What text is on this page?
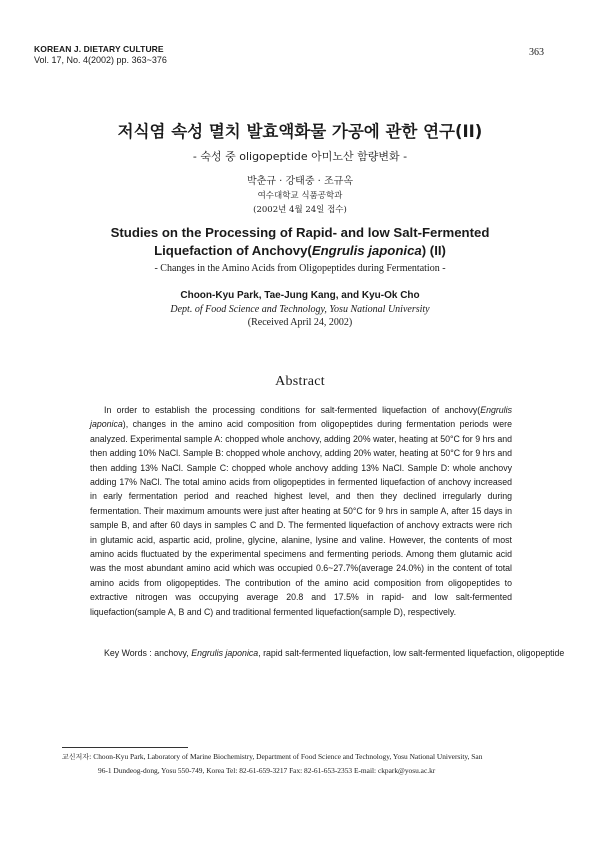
KOREAN J. DIETARY CULTURE
Vol. 17, No. 4(2002) pp. 363~376
363
저식염 속성 멸치 발효액화물 가공에 관한 연구(II)
- 숙성 중 oligopeptide 아미노산 함량변화 -
박춘규 · 강태중 · 조규옥
여수대학교 식품공학과
(2002년 4월 24일 접수)
Studies on the Processing of Rapid- and low Salt-Fermented
Liquefaction of Anchovy(Engrulis japonica) (II)
- Changes in the Amino Acids from Oligopeptides during Fermentation -
Choon-Kyu Park, Tae-Jung Kang, and Kyu-Ok Cho
Dept. of Food Science and Technology, Yosu National University
(Received April 24, 2002)
Abstract
In order to establish the processing conditions for salt-fermented liquefaction of anchovy(Engrulis japonica), changes in the amino acid composition from oligopeptides during fermentation periods were analyzed. Experimental sample A: chopped whole anchovy, adding 20% water, heating at 50°C for 9 hrs and then adding 10% NaCl. Sample B: chopped whole anchovy, adding 20% water, heating at 50°C for 9 hrs and then adding 13% NaCl. Sample C: chopped whole anchovy adding 13% NaCl. Sample D: whole anchovy adding 17% NaCl. The total amino acids from oligopeptides in fermented liquefaction of anchovy increased in early fermentation period and reached highest level, and then they declined irregularly during fermentation. Their maximum amounts were just after heating at 50°C for 9 hrs in sample A, after 15 days in sample B, and after 60 days in samples C and D. The fermented liquefaction of anchovy extracts were rich in glutamic acid, aspartic acid, proline, glycine, alanine, lysine and valine. However, the contents of most amino acids fluctuated by the experimental specimens and fermenting periods. Among them glutamic acid was the most abundant amino acid which was occupied 0.6~27.7%(average 24.0%) in the content of total amino acids from oligopeptides. The contribution of the amino acid composition from oligopeptides to extractive nitrogen was occupying average 20.8 and 17.5% in rapid- and low salt-fermented liquefaction(sample A, B and C) and traditional fermented liquefaction(sample D), respectively.
Key Words : anchovy, Engrulis japonica, rapid salt-fermented liquefaction, low salt-fermented liquefaction, oligopeptide
교신저자: Choon-Kyu Park, Laboratory of Marine Biochemistry, Department of Food Science and Technology, Yosu National University, San
96-1 Dundeog-dong, Yosu 550-749, Korea Tel: 82-61-659-3217 Fax: 82-61-653-2353 E-mail: ckpark@yosu.ac.kr
